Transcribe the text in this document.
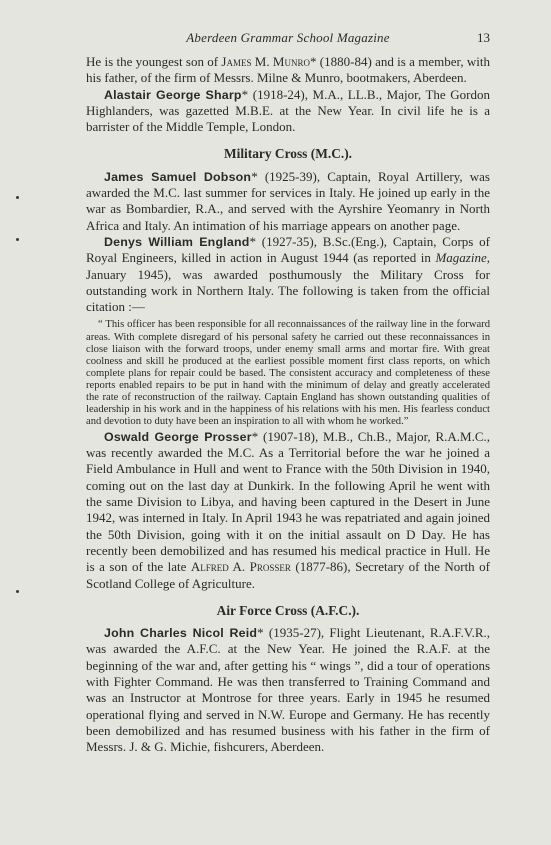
Aberdeen Grammar School Magazine	13

He is the youngest son of James M. Munro* (1880-84) and is a member, with his father, of the firm of Messrs. Milne & Munro, bootmakers, Aberdeen.

Alastair George Sharp* (1918-24), M.A., LL.B., Major, The Gordon Highlanders, was gazetted M.B.E. at the New Year. In civil life he is a barrister of the Middle Temple, London.

Military Cross (M.C.).

James Samuel Dobson* (1925-39), Captain, Royal Artillery, was awarded the M.C. last summer for services in Italy. He joined up early in the war as Bombardier, R.A., and served with the Ayrshire Yeomanry in North Africa and Italy. An intimation of his marriage appears on another page.

Denys William England* (1927-35), B.Sc.(Eng.), Captain, Corps of Royal Engineers, killed in action in August 1944 (as reported in Magazine, January 1945), was awarded posthumously the Military Cross for outstanding work in Northern Italy. The following is taken from the official citation :—

“ This officer has been responsible for all reconnaissances of the railway line in the forward areas. With complete disregard of his personal safety he carried out these reconnaissances in close liaison with the forward troops, under enemy small arms and mortar fire. With great coolness and skill he produced at the earliest possible moment first class reports, on which complete plans for repair could be based. The consistent accuracy and completeness of these reports enabled repairs to be put in hand with the minimum of delay and greatly accelerated the rate of reconstruction of the railway. Captain England has shown outstanding qualities of leadership in his work and in the happiness of his relations with his men. His fearless conduct and devotion to duty have been an inspiration to all with whom he worked.”

Oswald George Prosser* (1907-18), M.B., Ch.B., Major, R.A.M.C., was recently awarded the M.C. As a Territorial before the war he joined a Field Ambulance in Hull and went to France with the 50th Division in 1940, coming out on the last day at Dunkirk. In the following April he went with the same Division to Libya, and having been captured in the Desert in June 1942, was interned in Italy. In April 1943 he was repatriated and again joined the 50th Division, going with it on the initial assault on D Day. He has recently been demobilized and has resumed his medical practice in Hull. He is a son of the late Alfred A. Prosser (1877-86), Secretary of the North of Scotland College of Agriculture.

Air Force Cross (A.F.C.).

John Charles Nicol Reid* (1935-27), Flight Lieutenant, R.A.F.V.R., was awarded the A.F.C. at the New Year. He joined the R.A.F. at the beginning of the war and, after getting his “ wings ”, did a tour of operations with Fighter Command. He was then transferred to Training Command and was an Instructor at Montrose for three years. Early in 1945 he resumed operational flying and served in N.W. Europe and Germany. He has recently been demobilized and has resumed business with his father in the firm of Messrs. J. & G. Michie, fishcurers, Aberdeen.
